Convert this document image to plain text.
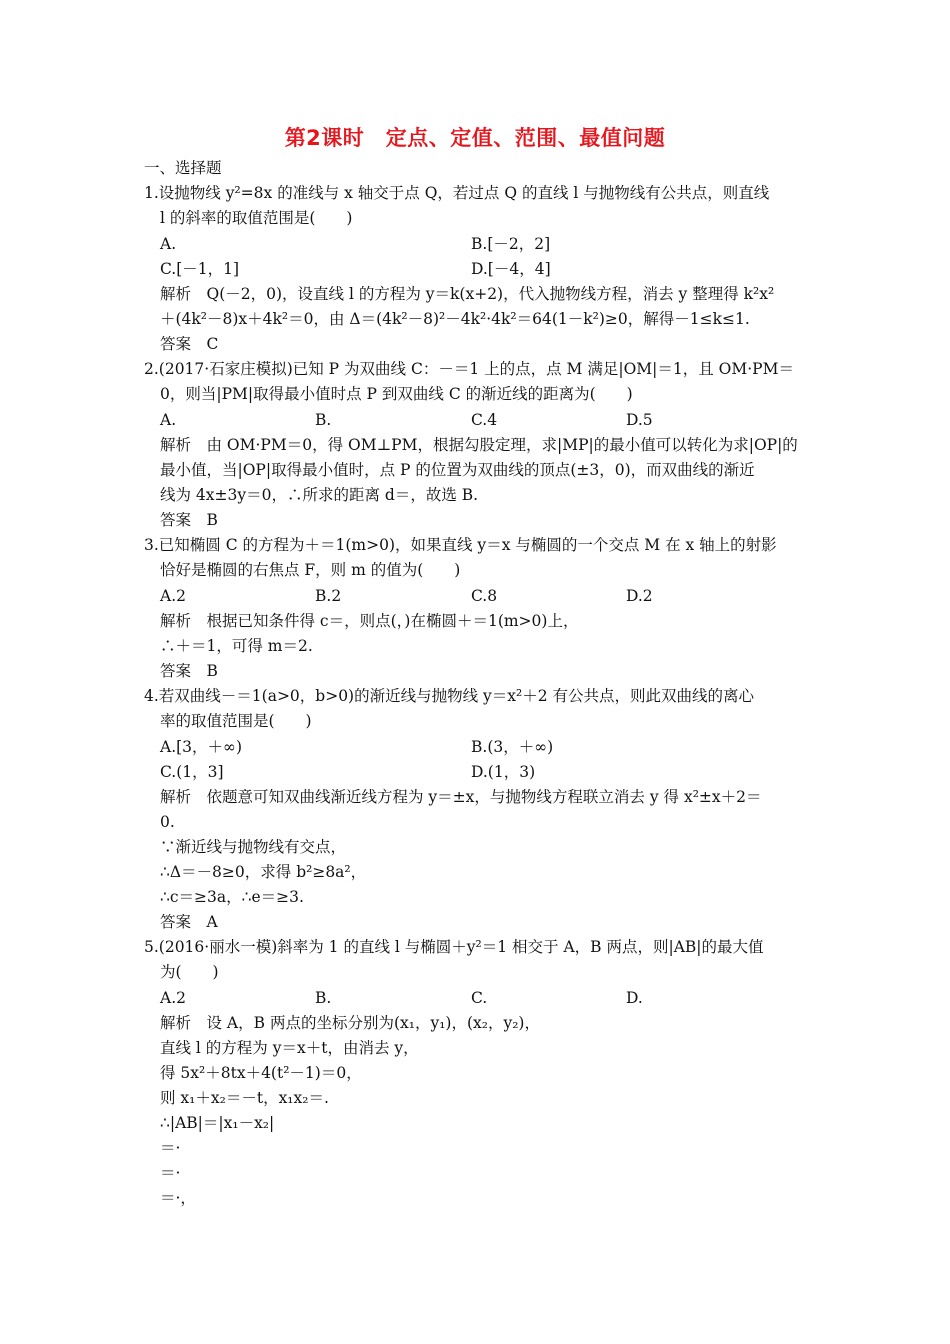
第2课时　定点、定值、范围、最值问题
一、选择题
1.设抛物线 y²=8x 的准线与 x 轴交于点 Q，若过点 Q 的直线 l 与抛物线有公共点，则直线
l 的斜率的取值范围是(　　)
A.	B.[－2，2]
C.[－1，1]	D.[－4，4]
解析　Q(－2，0)，设直线 l 的方程为 y＝k(x+2)，代入抛物线方程，消去 y 整理得 k²x²
＋(4k²－8)x＋4k²＝0，由 Δ＝(4k²－8)²－4k²·4k²＝64(1－k²)≥0，解得－1≤k≤1.
答案　C
2.(2017·石家庄模拟)已知 P 为双曲线 C：－＝1 上的点，点 M 满足|OM|＝1，且 OM·PM＝
0，则当|PM|取得最小值时点 P 到双曲线 C 的渐近线的距离为(　　)
A.	B.	C.4	D.5
解析　由 OM·PM＝0，得 OM⊥PM，根据勾股定理，求|MP|的最小值可以转化为求|OP|的
最小值，当|OP|取得最小值时，点 P 的位置为双曲线的顶点(±3，0)，而双曲线的渐近
线为 4x±3y＝0，∴所求的距离 d＝，故选 B.
答案　B
3.已知椭圆 C 的方程为＋＝1(m>0)，如果直线 y＝x 与椭圆的一个交点 M 在 x 轴上的射影
恰好是椭圆的右焦点 F，则 m 的值为(　　)
A.2	B.2	C.8	D.2
解析　根据已知条件得 c＝，则点(，)在椭圆＋＝1(m>0)上，
∴＋＝1，可得 m＝2.
答案　B
4.若双曲线－＝1(a>0，b>0)的渐近线与抛物线 y＝x²＋2 有公共点，则此双曲线的离心
率的取值范围是(　　)
A.[3，＋∞)	B.(3，＋∞)
C.(1，3]	D.(1，3)
解析　依题意可知双曲线渐近线方程为 y＝±x，与抛物线方程联立消去 y 得 x²±x＋2＝
0.
∵渐近线与抛物线有交点，
∴Δ＝－8≥0，求得 b²≥8a²，
∴c＝≥3a，∴e＝≥3.
答案　A
5.(2016·丽水一模)斜率为 1 的直线 l 与椭圆＋y²＝1 相交于 A，B 两点，则|AB|的最大值
为(　　)
A.2	B.	C.	D.
解析　设 A，B 两点的坐标分别为(x₁，y₁)，(x₂，y₂)，
直线 l 的方程为 y＝x＋t，由消去 y，
得 5x²＋8tx＋4(t²－1)＝0，
则 x₁＋x₂＝－t，x₁x₂＝.
∴|AB|＝|x₁－x₂|
＝·
＝·
＝·，
